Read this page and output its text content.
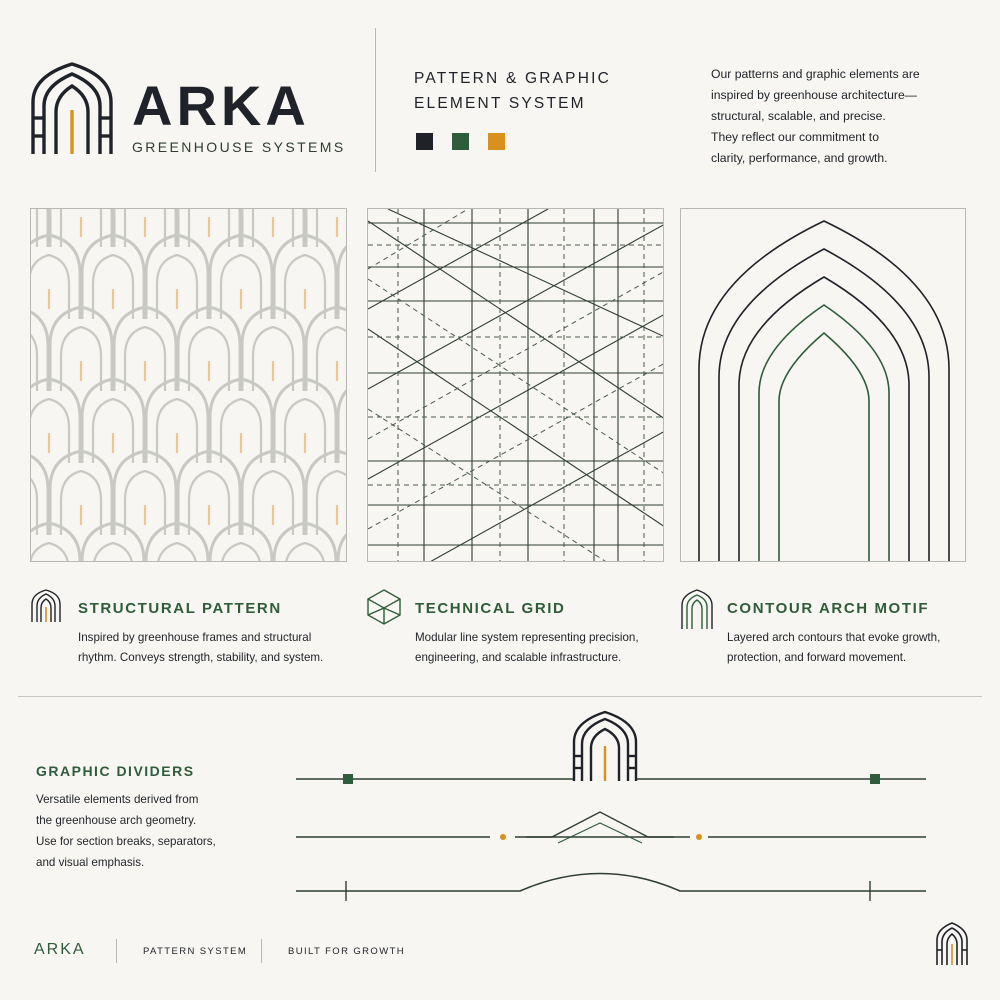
ARKA
GREENHOUSE SYSTEMS
PATTERN & GRAPHIC ELEMENT SYSTEM

Our patterns and graphic elements are

inspired by greenhouse architecture—

structural, scalable, and precise.

They reflect our commitment to

clarity, performance, and growth.

STRUCTURAL PATTERN
Inspired by greenhouse frames and structural
rhythm. Conveys strength, stability, and system.
TECHNICAL GRID
Modular line system representing precision,
engineering, and scalable infrastructure.
CONTOUR ARCH MOTIF
Layered arch contours that evoke growth,
protection, and forward movement.
GRAPHIC DIVIDERS
Versatile elements derived from
the greenhouse arch geometry.
Use for section breaks, separators,
and visual emphasis.
ARKA	PATTERN SYSTEM	BUILT FOR GROWTH
